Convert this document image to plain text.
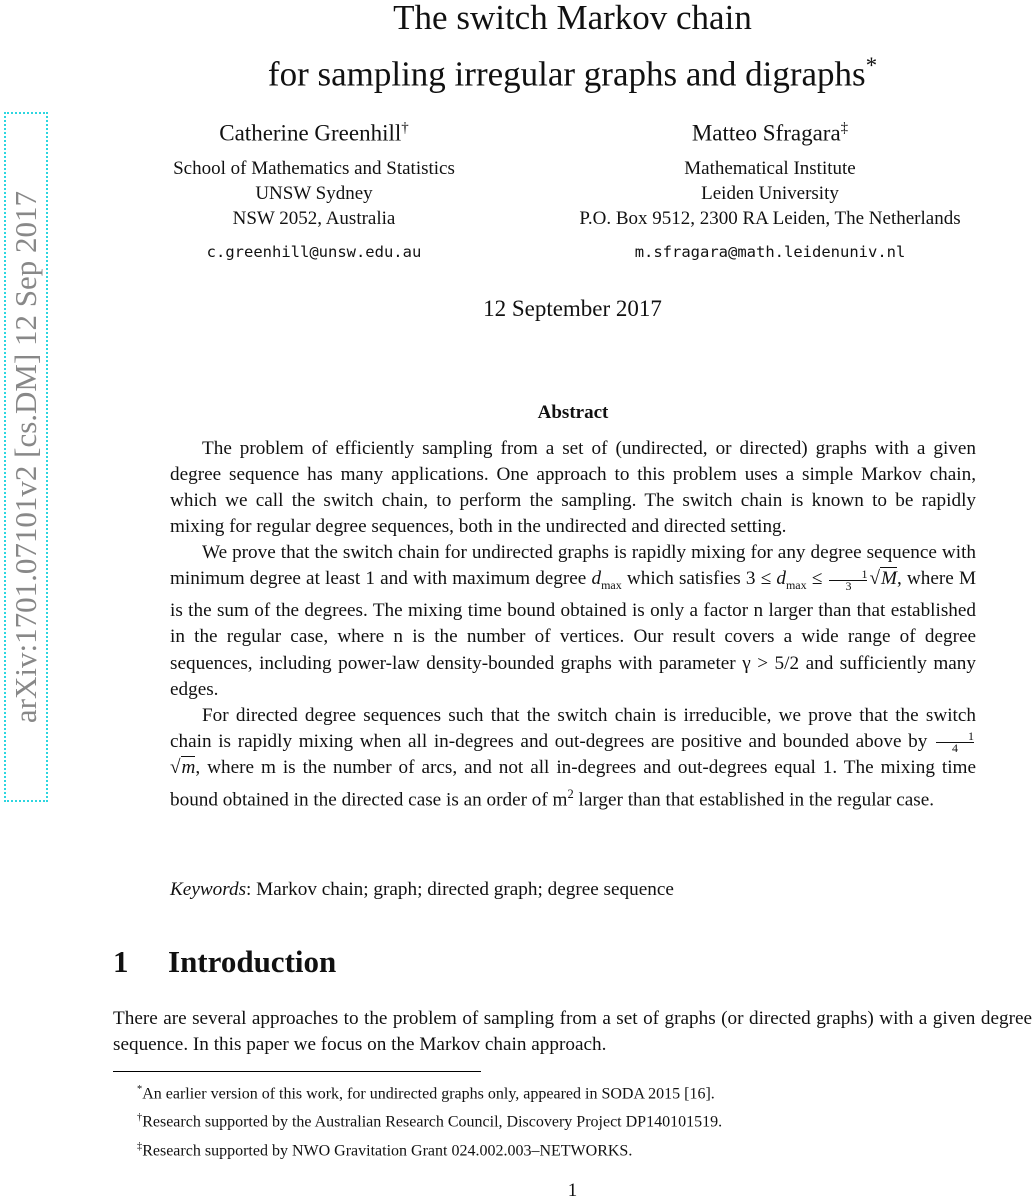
arXiv:1701.07101v2 [cs.DM] 12 Sep 2017
The switch Markov chain
for sampling irregular graphs and digraphs*
Catherine Greenhill†
School of Mathematics and Statistics
UNSW Sydney
NSW 2052, Australia
c.greenhill@unsw.edu.au
Matteo Sfragara‡
Mathematical Institute
Leiden University
P.O. Box 9512, 2300 RA Leiden, The Netherlands
m.sfragara@math.leidenuniv.nl
12 September 2017
Abstract

The problem of efficiently sampling from a set of (undirected, or directed) graphs with a given degree sequence has many applications. One approach to this problem uses a simple Markov chain, which we call the switch chain, to perform the sampling. The switch chain is known to be rapidly mixing for regular degree sequences, both in the undirected and directed setting.

We prove that the switch chain for undirected graphs is rapidly mixing for any degree sequence with minimum degree at least 1 and with maximum degree $d_{max}$ which satisfies $3 \le d_{max}$ ≤	1
3 √M, where M is the sum of the degrees. The mixing time bound obtained is only a factor n larger than that established in the regular case, where n is the number of vertices. Our result covers a wide range of degree sequences, including power-law density-bounded graphs with parameter γ > 5/2 and sufficiently many edges.

For directed degree sequences such that the switch chain is irreducible, we prove that the switch chain is rapidly mixing when all in-degrees and out-degrees are positive and bounded above by	1
4√m, where m is the number of arcs, and not all in-degrees and out-degrees equal 1. The mixing time bound obtained in the directed case is an order of $m^2$ larger than that established in the regular case.

Keywords: Markov chain; graph; directed graph; degree sequence
1 Introduction
There are several approaches to the problem of sampling from a set of graphs (or directed graphs) with a given degree sequence. In this paper we focus on the Markov chain approach.
*An earlier version of this work, for undirected graphs only, appeared in SODA 2015 [16].
†Research supported by the Australian Research Council, Discovery Project DP140101519.
‡Research supported by NWO Gravitation Grant 024.002.003–NETWORKS.
1
